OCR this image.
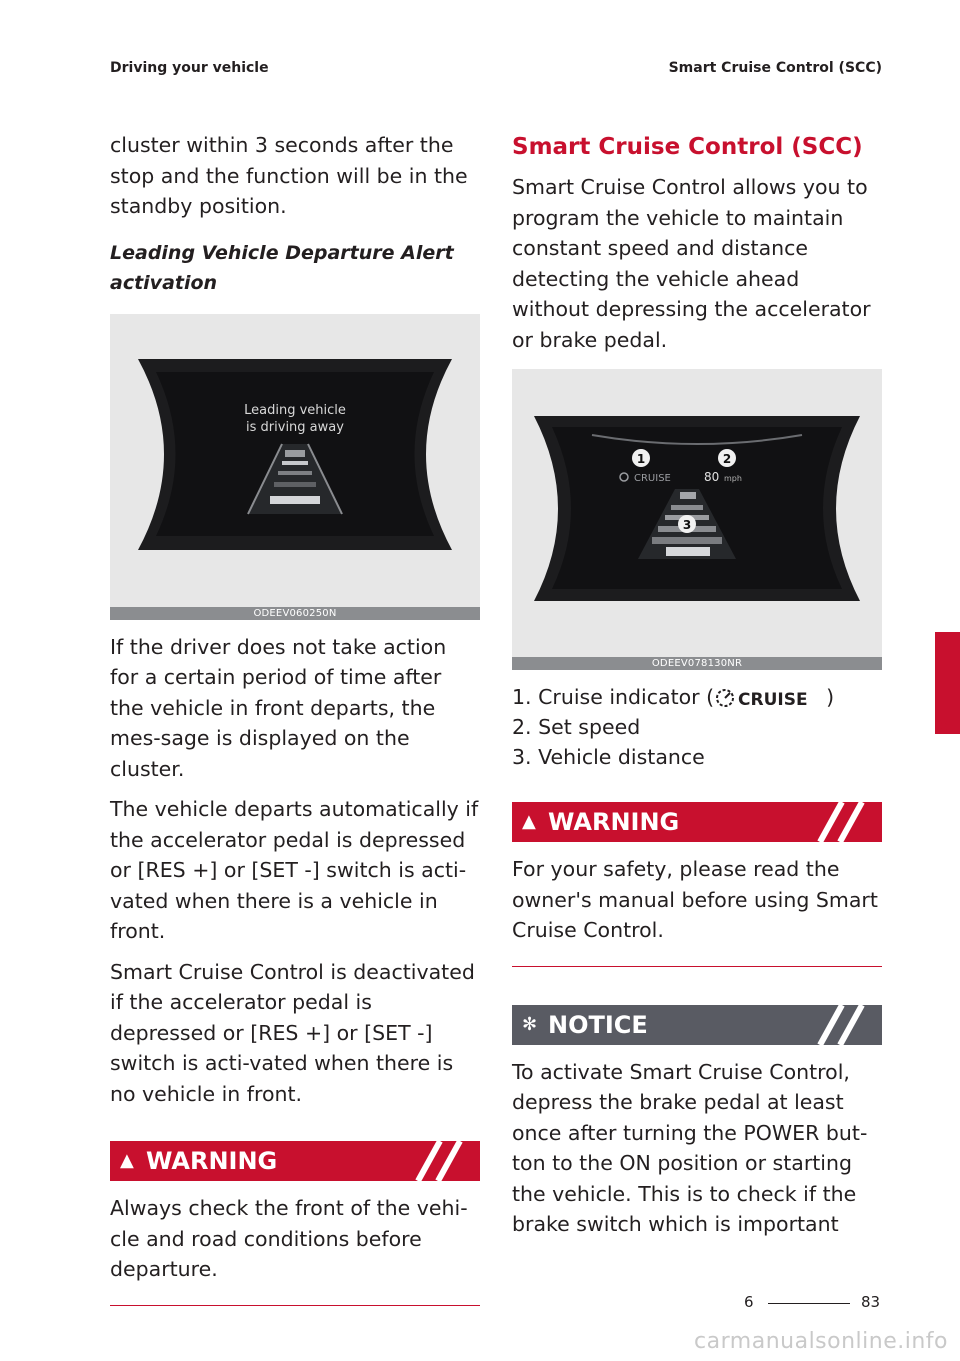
Driving your vehicle	Smart Cruise Control (SCC)

cluster within 3 seconds after the stop and the function will be in the standby position.

Leading Vehicle Departure Alert activation
Leading vehicle
is driving away
ODEEV060250N

If the driver does not take action for a certain period of time after the vehicle in front departs, the mes-sage is displayed on the cluster.

The vehicle departs automatically if the accelerator pedal is depressed or [RES +] or [SET -] switch is acti-vated when there is a vehicle in front.

Smart Cruise Control is deactivated if the accelerator pedal is depressed or [RES +] or [SET -] switch is acti-vated when there is no vehicle in front.

▲ WARNING

Always check the front of the vehi-cle and road conditions before departure.

Smart Cruise Control (SCC)

Smart Cruise Control allows you to program the vehicle to maintain constant speed and distance detecting the vehicle ahead without depressing the accelerator or brake pedal.

1	2
CRUISE	80 mph
3
ODEEV078130NR
1. Cruise indicator ( CRUISE )
2. Set speed
3. Vehicle distance
▲ WARNING

For your safety, please read the owner's manual before using Smart Cruise Control.

✻ NOTICE

To activate Smart Cruise Control, depress the brake pedal at least once after turning the POWER but-ton to the ON position or starting the vehicle. This is to check if the brake switch which is important

6
6	83
carmanualsonline.info
